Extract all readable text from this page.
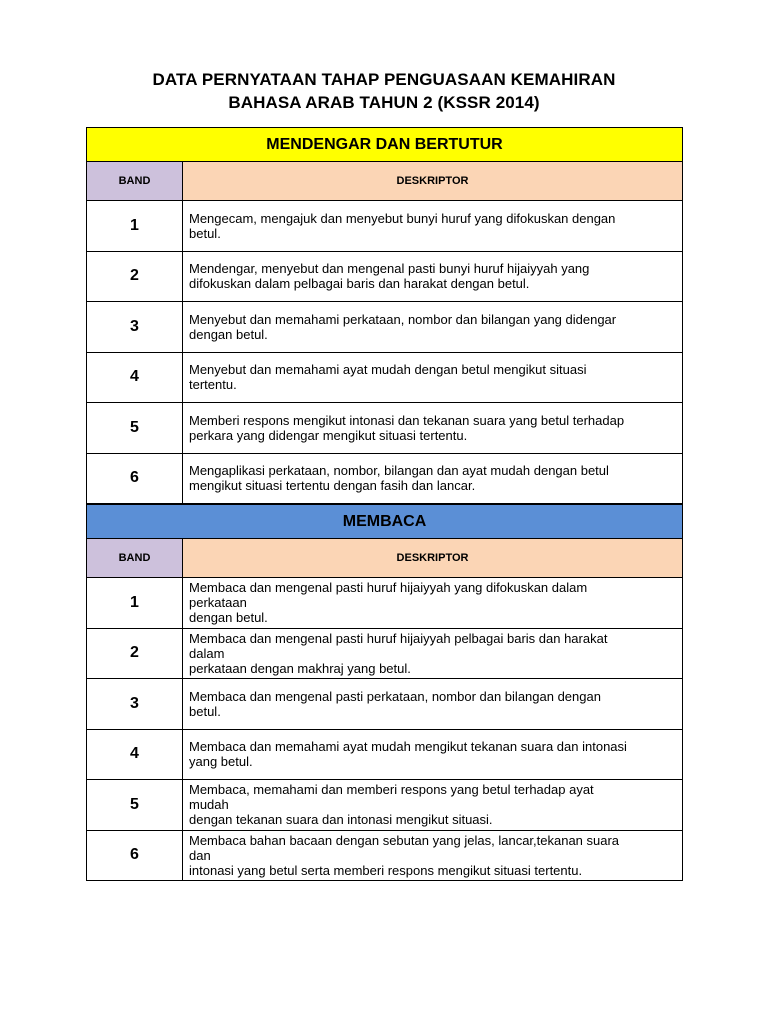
DATA PERNYATAAN TAHAP PENGUASAAN KEMAHIRAN
BAHASA ARAB TAHUN 2 (KSSR 2014)
MENDENGAR DAN BERTUTUR	
BAND	DESKRIPTOR
1	Mengecam, mengajuk dan menyebut bunyi huruf yang difokuskan dengan
betul.
2	Mendengar, menyebut dan mengenal pasti bunyi huruf hijaiyyah yang
difokuskan dalam pelbagai baris dan harakat dengan betul.
3	Menyebut dan memahami perkataan, nombor dan bilangan yang didengar
dengan betul.
4	Menyebut dan memahami ayat mudah dengan betul mengikut situasi
tertentu.
5	Memberi respons mengikut intonasi dan tekanan suara yang betul terhadap
perkara yang didengar mengikut situasi tertentu.
6	Mengaplikasi perkataan, nombor, bilangan dan ayat mudah dengan betul
mengikut situasi tertentu dengan fasih dan lancar.
MEMBACA	
BAND	DESKRIPTOR
1	Membaca dan mengenal pasti huruf hijaiyyah yang difokuskan dalam
perkataan
dengan betul.
2	Membaca dan mengenal pasti huruf hijaiyyah pelbagai baris dan harakat
dalam
perkataan dengan makhraj yang betul.
3	Membaca dan mengenal pasti perkataan, nombor dan bilangan dengan
betul.
4	Membaca dan memahami ayat mudah mengikut tekanan suara dan intonasi
yang betul.
5	Membaca, memahami dan memberi respons yang betul terhadap ayat
mudah
dengan tekanan suara dan intonasi mengikut situasi.
6	Membaca bahan bacaan dengan sebutan yang jelas, lancar,tekanan suara
dan
intonasi yang betul serta memberi respons mengikut situasi tertentu.
